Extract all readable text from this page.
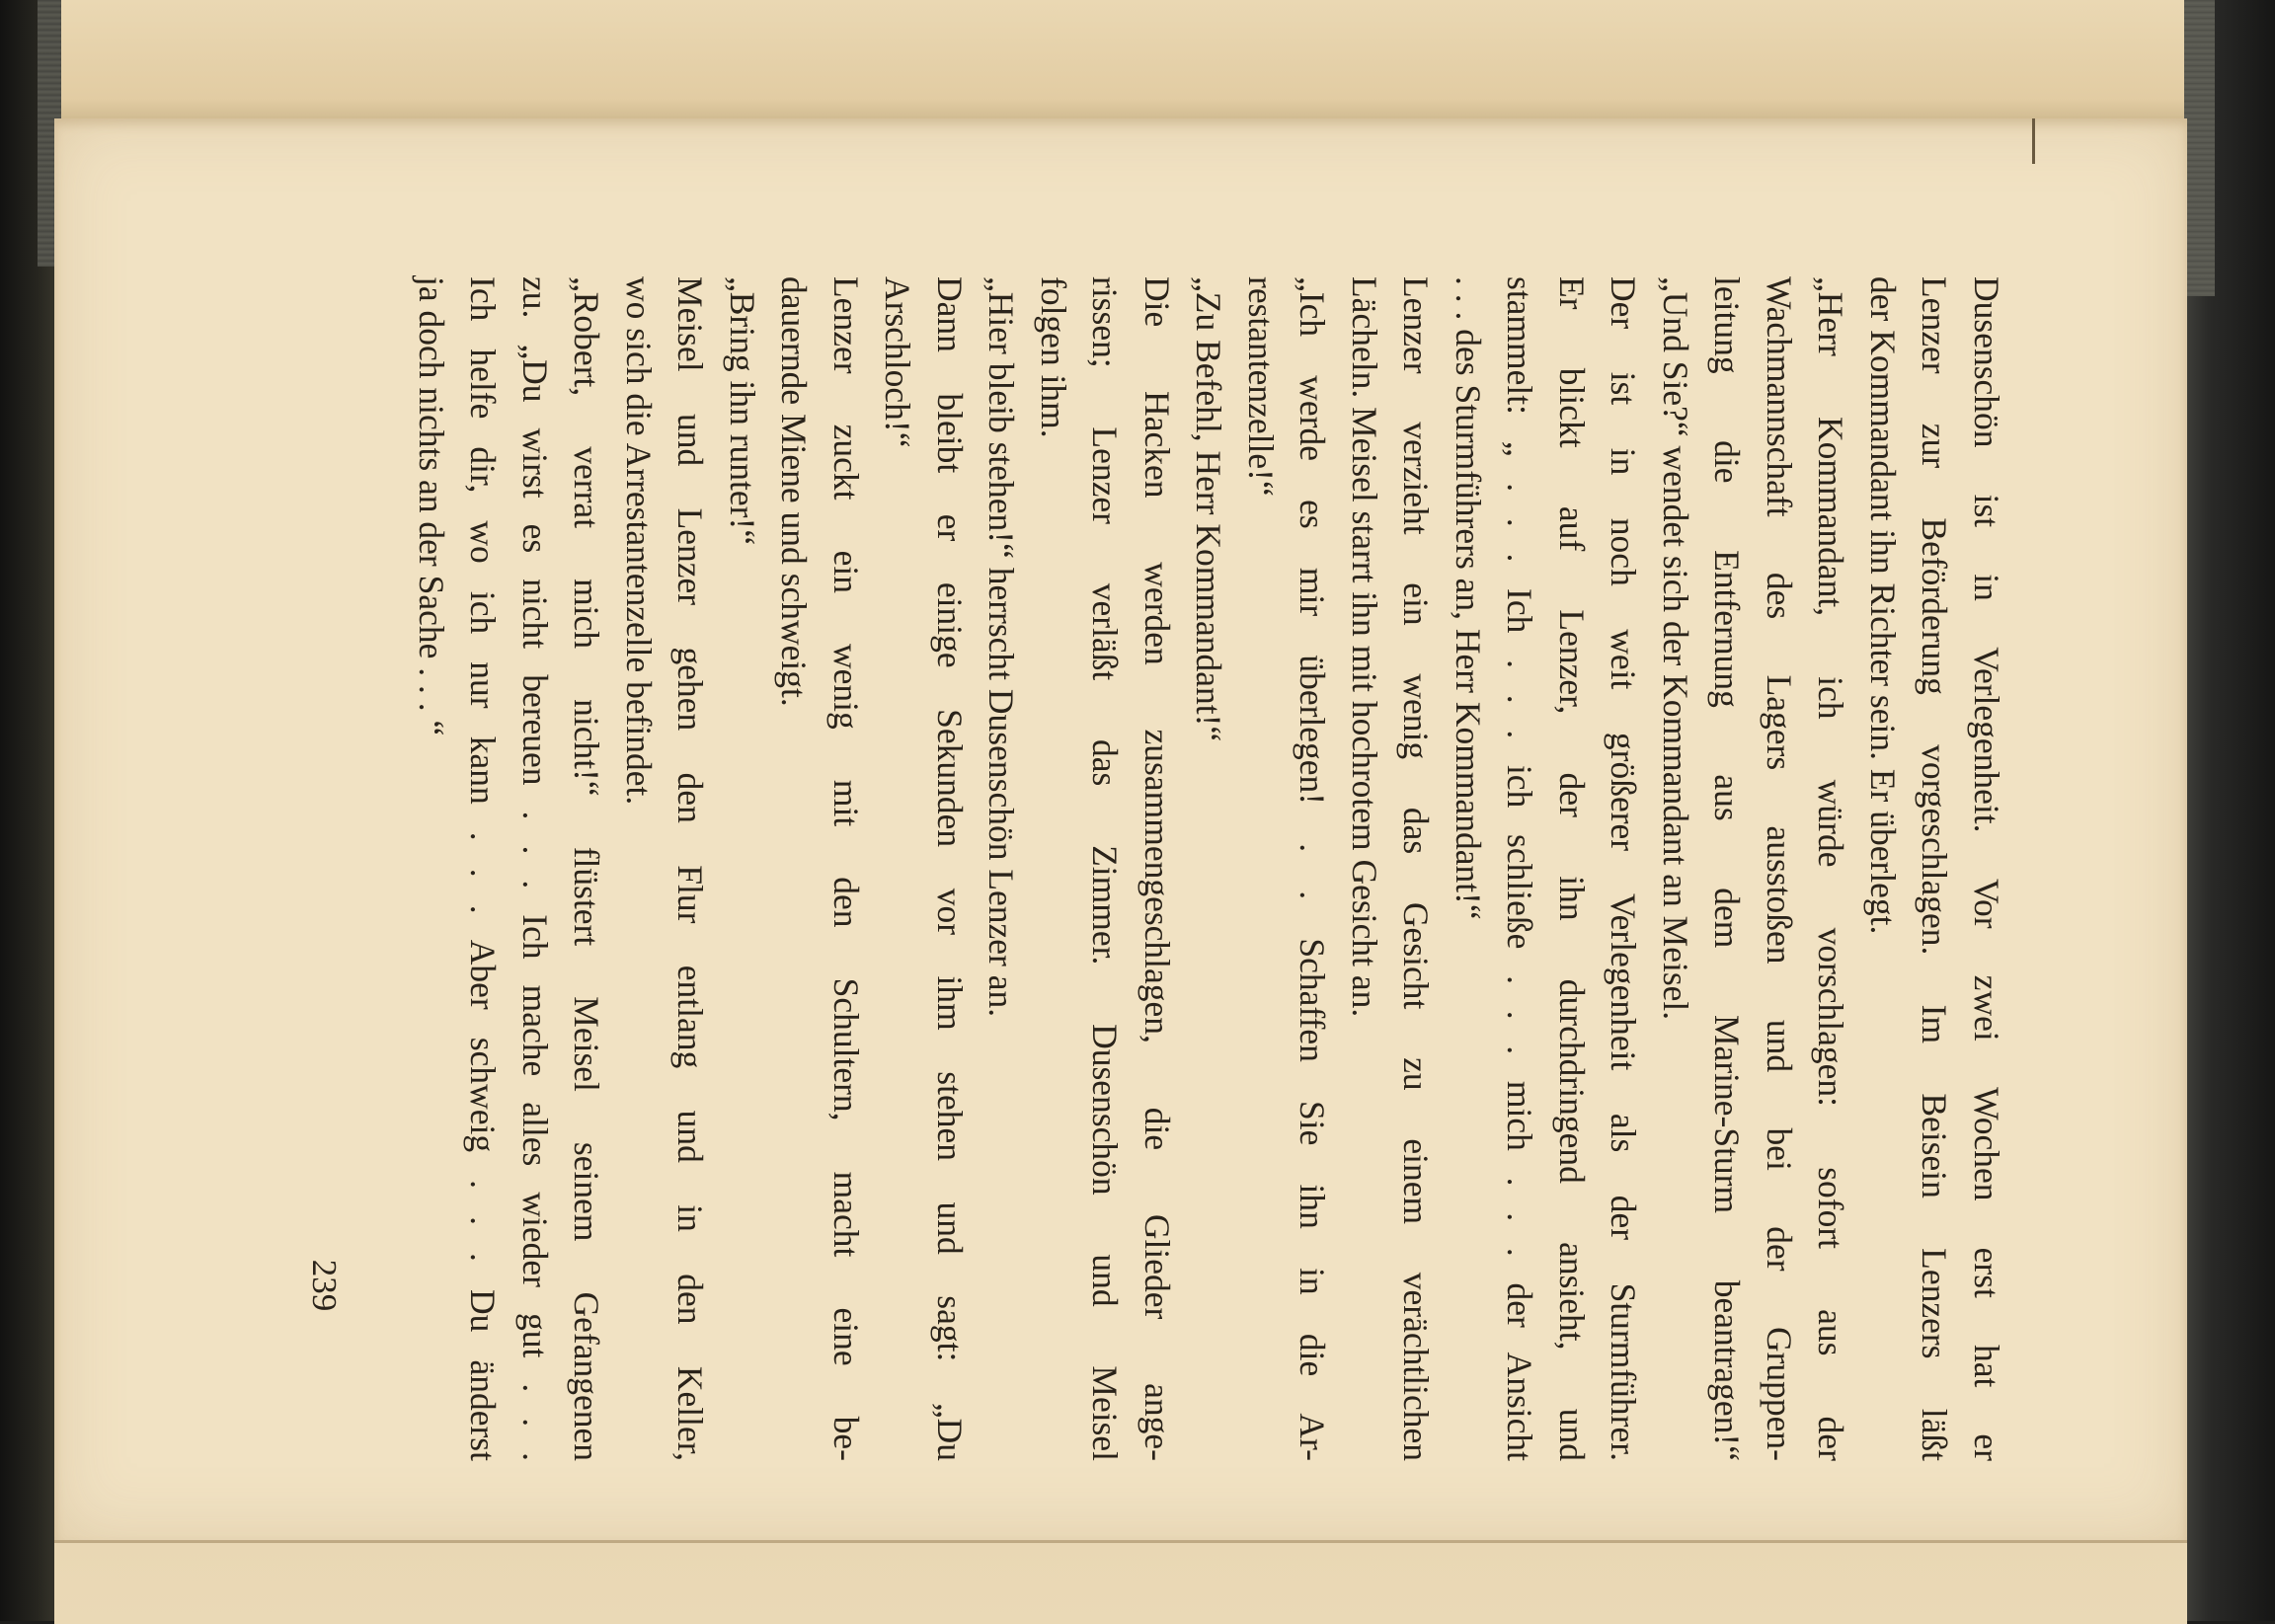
Dusenschön ist in Verlegenheit. Vor zwei Wochen erst hat er
Lenzer zur Beförderung vorgeschlagen. Im Beisein Lenzers läßt
der Kommandant ihn Richter sein. Er überlegt.
„Herr Kommandant, ich würde vorschlagen: sofort aus der
Wachmannschaft des Lagers ausstoßen und bei der Gruppen-
leitung die Entfernung aus dem Marine-Sturm beantragen!“
„Und Sie?“ wendet sich der Kommandant an Meisel.
Der ist in noch weit größerer Verlegenheit als der Sturmführer.
Er blickt auf Lenzer, der ihn durchdringend ansieht, und
stammelt: „ . . . Ich . . . ich schließe . . . mich . . . der Ansicht
. . . des Sturmführers an, Herr Kommandant!“
Lenzer verzieht ein wenig das Gesicht zu einem verächtlichen
Lächeln. Meisel starrt ihn mit hochrotem Gesicht an.
„Ich werde es mir überlegen! . . Schaffen Sie ihn in die Ar-
restantenzelle!“
„Zu Befehl, Herr Kommandant!“
Die Hacken werden zusammengeschlagen, die Glieder ange-
rissen; Lenzer verläßt das Zimmer. Dusenschön und Meisel
folgen ihm.
„Hier bleib stehen!“ herrscht Dusenschön Lenzer an.
Dann bleibt er einige Sekunden vor ihm stehen und sagt: „Du
Arschloch!“
Lenzer zuckt ein wenig mit den Schultern, macht eine be-
dauernde Miene und schweigt.
„Bring ihn runter!“
Meisel und Lenzer gehen den Flur entlang und in den Keller,
wo sich die Arrestantenzelle befindet.
„Robert, verrat mich nicht!“ flüstert Meisel seinem Gefangenen
zu. „Du wirst es nicht bereuen . . . Ich mache alles wieder gut . . .
Ich helfe dir, wo ich nur kann . . . Aber schweig . . . Du änderst
ja doch nichts an der Sache . . . “
239
